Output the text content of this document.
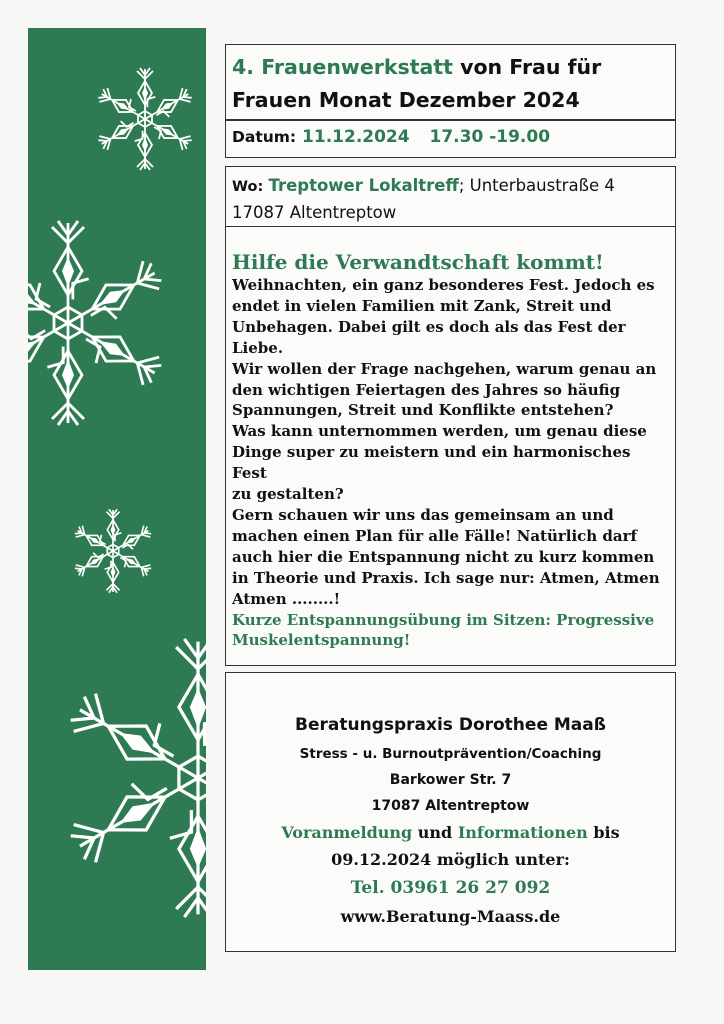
4. Frauenwerkstatt von Frau für
Frauen Monat Dezember 2024
Datum: 11.12.2024 17.30 -19.00
Wo: Treptower Lokaltreff; Unterbaustraße 4
17087 Altentreptow
Hilfe die Verwandtschaft kommt!

Weihnachten, ein ganz besonderes Fest. Jedoch es

endet in vielen Familien mit Zank, Streit und

Unbehagen. Dabei gilt es doch als das Fest der

Liebe.

Wir wollen der Frage nachgehen, warum genau an

den wichtigen Feiertagen des Jahres so häufig

Spannungen, Streit und Konflikte entstehen?

Was kann unternommen werden, um genau diese

Dinge super zu meistern und ein harmonisches Fest

zu gestalten?

Gern schauen wir uns das gemeinsam an und

machen einen Plan für alle Fälle! Natürlich darf

auch hier die Entspannung nicht zu kurz kommen

in Theorie und Praxis. Ich sage nur: Atmen, Atmen

Atmen ........!

Kurze Entspannungsübung im Sitzen: Progressive

Muskelentspannung!

Beratungspraxis Dorothee Maaß
Stress - u. Burnoutprävention/Coaching
Barkower Str. 7
17087 Altentreptow
Voranmeldung und Informationen bis
09.12.2024 möglich unter:
Tel. 03961 26 27 092
www.Beratung-Maass.de
